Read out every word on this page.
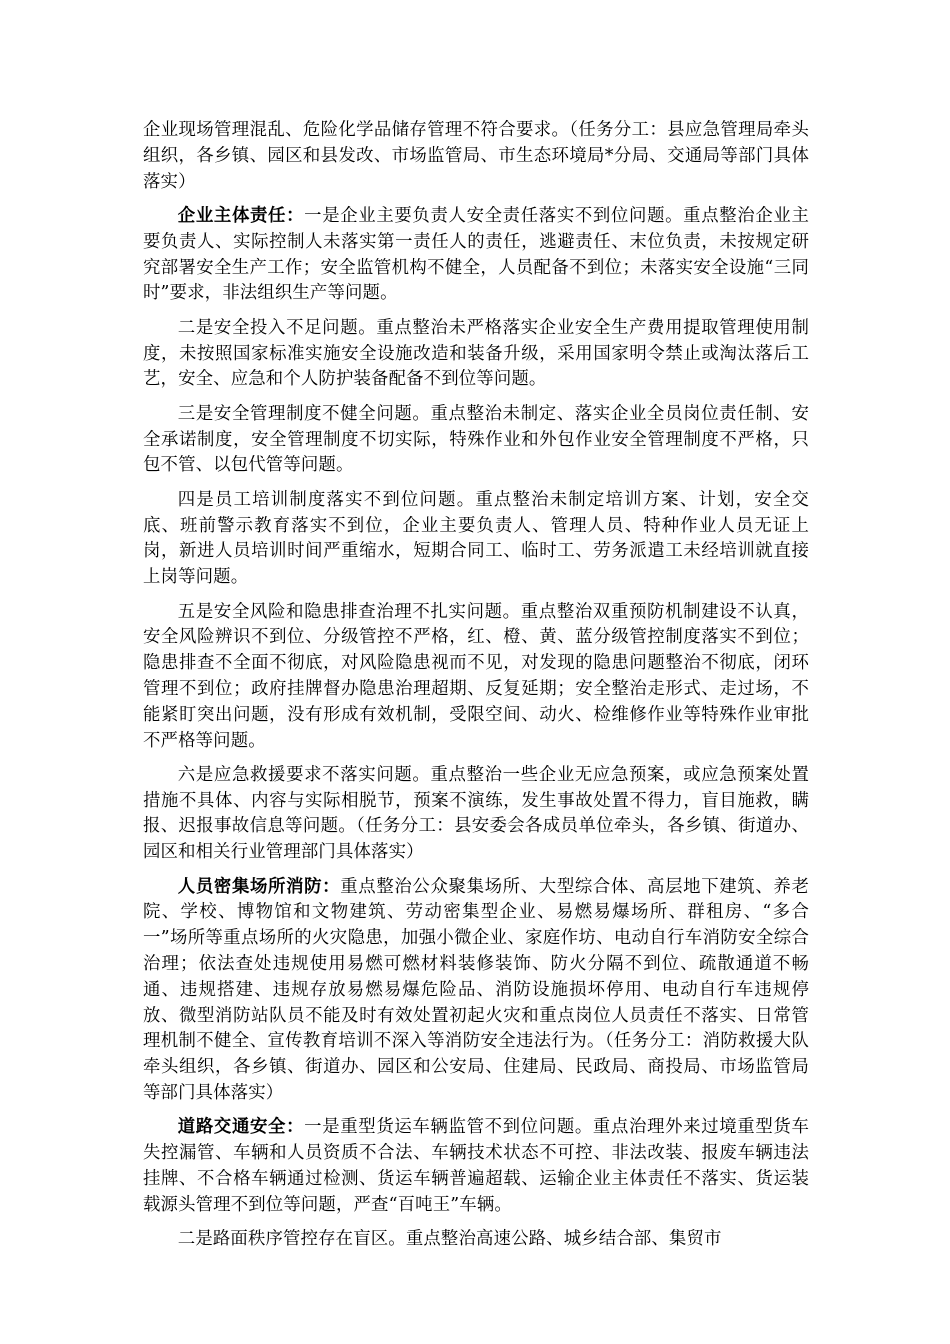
企业现场管理混乱、危险化学品储存管理不符合要求。（任务分工：县应急管理局牵头组织，各乡镇、园区和县发改、市场监管局、市生态环境局*分局、交通局等部门具体落实）

企业主体责任：一是企业主要负责人安全责任落实不到位问题。重点整治企业主要负责人、实际控制人未落实第一责任人的责任，逃避责任、末位负责，未按规定研究部署安全生产工作；安全监管机构不健全，人员配备不到位；未落实安全设施“三同时”要求，非法组织生产等问题。

二是安全投入不足问题。重点整治未严格落实企业安全生产费用提取管理使用制度，未按照国家标准实施安全设施改造和装备升级，采用国家明令禁止或淘汰落后工艺，安全、应急和个人防护装备配备不到位等问题。

三是安全管理制度不健全问题。重点整治未制定、落实企业全员岗位责任制、安全承诺制度，安全管理制度不切实际，特殊作业和外包作业安全管理制度不严格，只包不管、以包代管等问题。

四是员工培训制度落实不到位问题。重点整治未制定培训方案、计划，安全交底、班前警示教育落实不到位，企业主要负责人、管理人员、特种作业人员无证上岗，新进人员培训时间严重缩水，短期合同工、临时工、劳务派遣工未经培训就直接上岗等问题。

五是安全风险和隐患排查治理不扎实问题。重点整治双重预防机制建设不认真，安全风险辨识不到位、分级管控不严格，红、橙、黄、蓝分级管控制度落实不到位；隐患排查不全面不彻底，对风险隐患视而不见，对发现的隐患问题整治不彻底，闭环管理不到位；政府挂牌督办隐患治理超期、反复延期；安全整治走形式、走过场，不能紧盯突出问题，没有形成有效机制，受限空间、动火、检维修作业等特殊作业审批不严格等问题。

六是应急救援要求不落实问题。重点整治一些企业无应急预案，或应急预案处置措施不具体、内容与实际相脱节，预案不演练，发生事故处置不得力，盲目施救，瞒报、迟报事故信息等问题。（任务分工：县安委会各成员单位牵头，各乡镇、街道办、园区和相关行业管理部门具体落实）

人员密集场所消防：重点整治公众聚集场所、大型综合体、高层地下建筑、养老院、学校、博物馆和文物建筑、劳动密集型企业、易燃易爆场所、群租房、“多合一”场所等重点场所的火灾隐患，加强小微企业、家庭作坊、电动自行车消防安全综合治理；依法查处违规使用易燃可燃材料装修装饰、防火分隔不到位、疏散通道不畅通、违规搭建、违规存放易燃易爆危险品、消防设施损坏停用、电动自行车违规停放、微型消防站队员不能及时有效处置初起火灾和重点岗位人员责任不落实、日常管理机制不健全、宣传教育培训不深入等消防安全违法行为。（任务分工：消防救援大队牵头组织，各乡镇、街道办、园区和公安局、住建局、民政局、商投局、市场监管局等部门具体落实）

道路交通安全：一是重型货运车辆监管不到位问题。重点治理外来过境重型货车失控漏管、车辆和人员资质不合法、车辆技术状态不可控、非法改装、报废车辆违法挂牌、不合格车辆通过检测、货运车辆普遍超载、运输企业主体责任不落实、货运装载源头管理不到位等问题，严查“百吨王”车辆。

二是路面秩序管控存在盲区。重点整治高速公路、城乡结合部、集贸市
